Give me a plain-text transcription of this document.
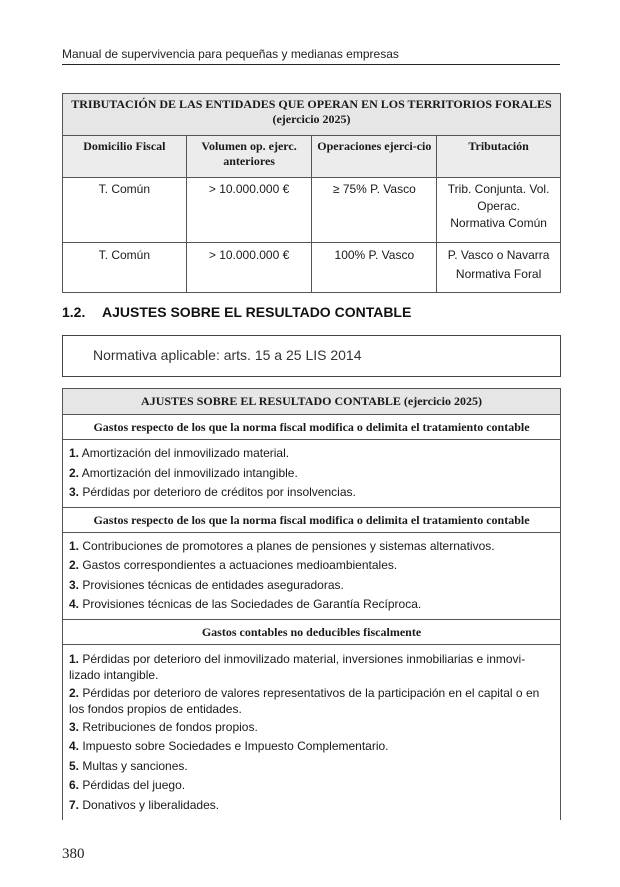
Manual de supervivencia para pequeñas y medianas empresas
TRIBUTACIÓN DE LAS ENTIDADES QUE OPERAN EN LOS TERRITORIOS FORALES
(ejercicio 2025)			

Domicilio Fiscal	Volumen op. ejerc. anteriores	Operaciones ejerci-cio	Tributación
T. Común	> 10.000.000 €	≥ 75% P. Vasco	Trib. Conjunta. Vol.
Operac.
Normativa Común

T. Común	> 10.000.000 €	100% P. Vasco	P. Vasco o Navarra
Normativa Foral
1.2. AJUSTES SOBRE EL RESULTADO CONTABLE
Normativa aplicable: arts. 15 a 25 LIS 2014
AJUSTES SOBRE EL RESULTADO CONTABLE (ejercicio 2025)
Gastos respecto de los que la norma fiscal modifica o delimita el tratamiento contable
1. Amortización del inmovilizado material.
2. Amortización del inmovilizado intangible.
3. Pérdidas por deterioro de créditos por insolvencias.
Gastos respecto de los que la norma fiscal modifica o delimita el tratamiento contable
1. Contribuciones de promotores a planes de pensiones y sistemas alternativos.
2. Gastos correspondientes a actuaciones medioambientales.
3. Provisiones técnicas de entidades aseguradoras.
4. Provisiones técnicas de las Sociedades de Garantía Recíproca.
Gastos contables no deducibles fiscalmente
1. Pérdidas por deterioro del inmovilizado material, inversiones inmobiliarias e inmovi-lizado intangible.
2. Pérdidas por deterioro de valores representativos de la participación en el capital o en los fondos propios de entidades.
3. Retribuciones de fondos propios.
4. Impuesto sobre Sociedades e Impuesto Complementario.
5. Multas y sanciones.
6. Pérdidas del juego.
7. Donativos y liberalidades.
380
